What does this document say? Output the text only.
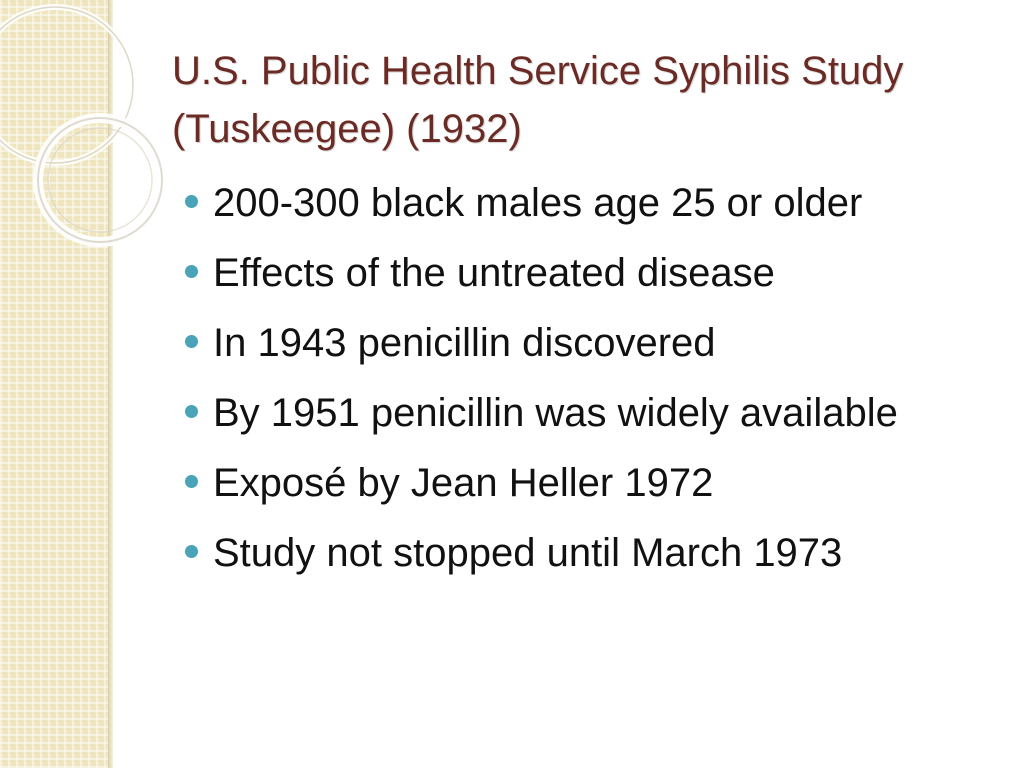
U.S. Public Health Service Syphilis Study (Tuskeegee) (1932)
200-300 black males age 25 or older
Effects of the untreated disease
In 1943 penicillin discovered
By 1951 penicillin was widely available
Exposé by Jean Heller 1972
Study not stopped until March 1973
